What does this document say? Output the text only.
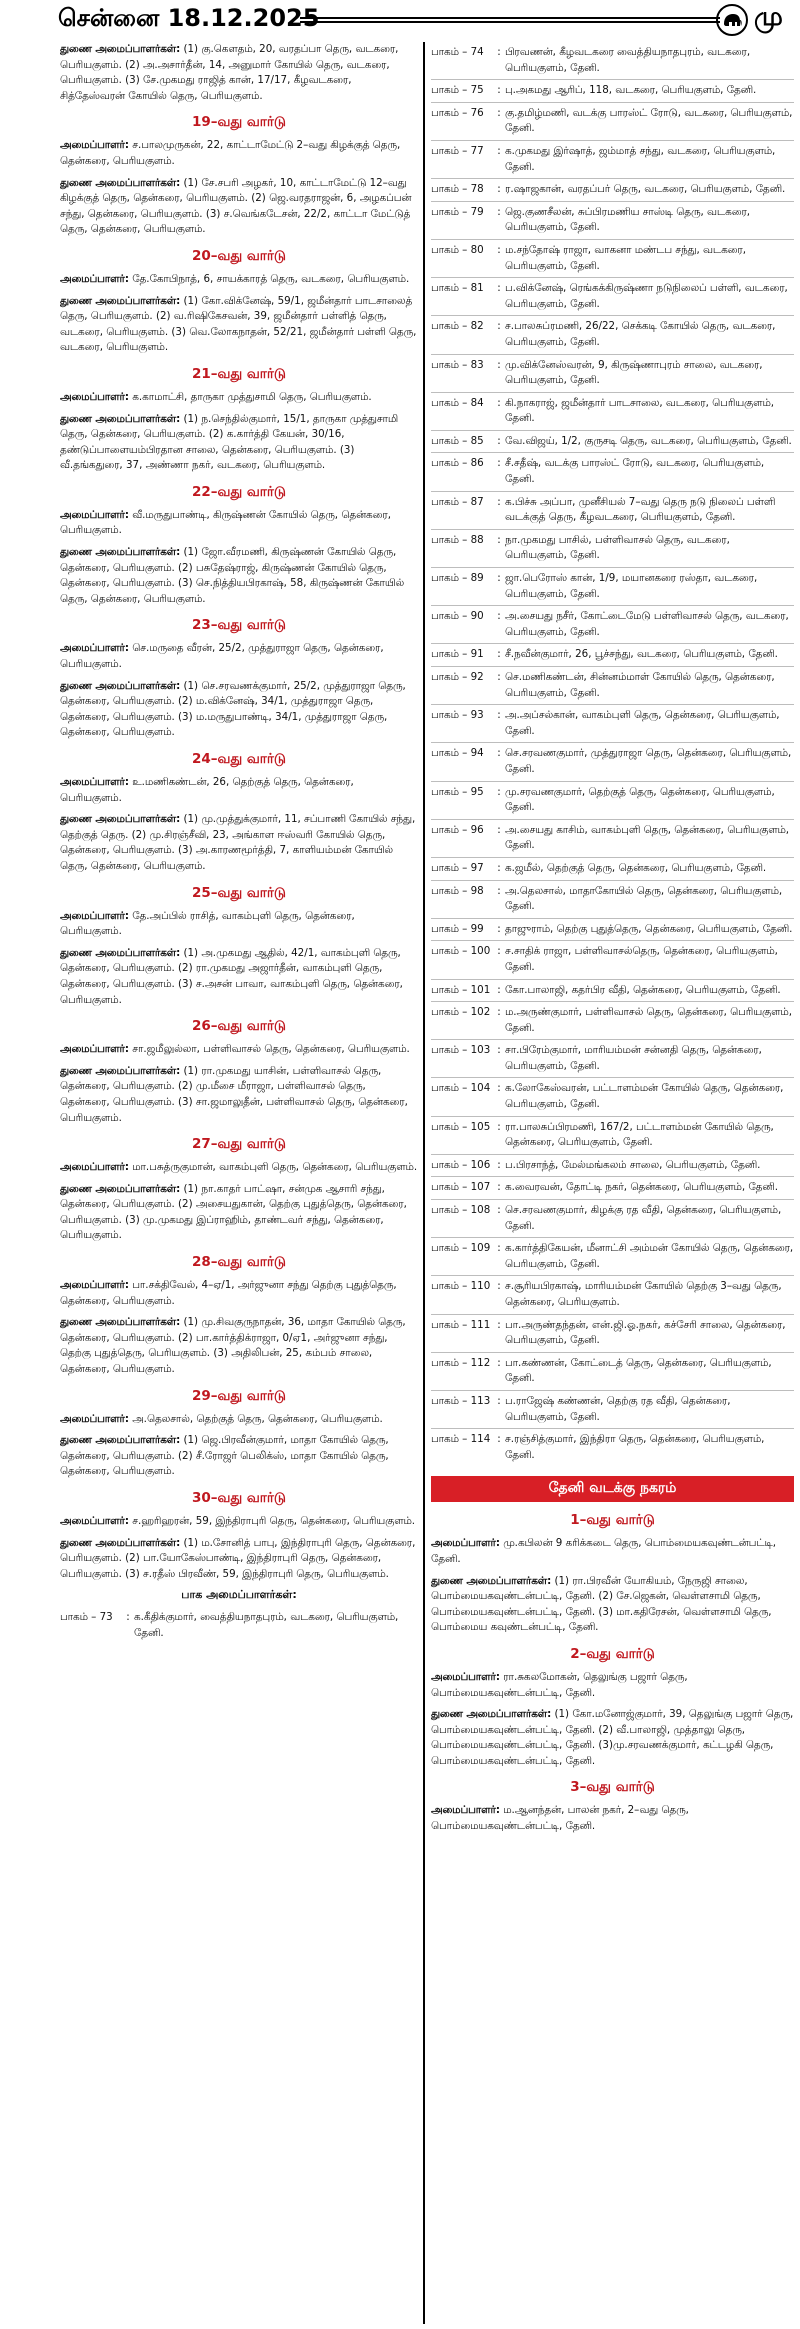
சென்னை 18.12.2025	மு
துணை அமைப்பாளர்கள்: (1) கு.கௌதம், 20, வரதப்பா தெரு, வடகரை, பெரியகுளம். (2) அ.அசார்தீன், 14, அனுமார் கோயில் தெரு, வடகரை, பெரியகுளம். (3) சே.முகமது ராஜித் கான், 17/17, கீழவடகரை, சித்தேஸ்வரன் கோயில் தெரு, பெரியகுளம்.
19–வது வார்டு
அமைப்பாளர்: ச.பாலமுருகன், 22, காட்டாமேட்டு 2–வது கிழக்குத் தெரு, தென்கரை, பெரியகுளம்.
துணை அமைப்பாளர்கள்: (1) சே.சபரி அழகர், 10, காட்டாமேட்டு 12–வது கிழக்குத் தெரு, தென்கரை, பெரியகுளம். (2) ஜெ.வரதராஜன், 6, அழகப்பன் சந்து, தென்கரை, பெரியகுளம். (3) ச.வெங்கடேசன், 22/2, காட்டா மேட்டுத் தெரு, தென்கரை, பெரியகுளம்.
20–வது வார்டு
அமைப்பாளர்: தே.கோபிநாத், 6, சாயக்காரத் தெரு, வடகரை, பெரியகுளம்.
துணை அமைப்பாளர்கள்: (1) கோ.விக்னேஷ், 59/1, ஜமீன்தார் பாடசாலைத் தெரு, பெரியகுளம். (2) வ.ரிஷிகேசவன், 39, ஜமீன்தார் பள்ளித் தெரு, வடகரை, பெரியகுளம். (3) வெ.லோகநாதன், 52/21, ஜமீன்தார் பள்ளி தெரு, வடகரை, பெரியகுளம்.
21–வது வார்டு
அமைப்பாளர்: க.காமாட்சி, தாருகா முத்துசாமி தெரு, பெரியகுளம்.
துணை அமைப்பாளர்கள்: (1) ந.செந்தில்குமார், 15/1, தாருகா முத்துசாமி தெரு, தென்கரை, பெரியகுளம். (2) க.கார்த்தி கேயன், 30/16, தண்டுப்பாளையம்பிரதான சாலை, தென்கரை, பெரியகுளம். (3) வீ.தங்கதுரை, 37, அண்ணா நகர், வடகரை, பெரியகுளம்.
22–வது வார்டு
அமைப்பாளர்: வீ.மருதுபாண்டி, கிருஷ்ணன் கோயில் தெரு, தென்கரை, பெரியகுளம்.
துணை அமைப்பாளர்கள்: (1) ஜோ.வீரமணி, கிருஷ்ணன் கோயில் தெரு, தென்கரை, பெரியகுளம். (2) பசுதேஷ்ராஜ், கிருஷ்ணன் கோயில் தெரு, தென்கரை, பெரியகுளம். (3) செ.நித்தியபிரகாஷ், 58, கிருஷ்ணன் கோயில் தெரு, தென்கரை, பெரியகுளம்.
23–வது வார்டு
அமைப்பாளர்: செ.மருதை வீரன், 25/2, முத்துராஜா தெரு, தென்கரை, பெரியகுளம்.
துணை அமைப்பாளர்கள்: (1) செ.சரவணக்குமார், 25/2, முத்துராஜா தெரு, தென்கரை, பெரியகுளம். (2) ம.விக்னேஷ், 34/1, முத்துராஜா தெரு, தென்கரை, பெரியகுளம். (3) ம.மருதுபாண்டி, 34/1, முத்துராஜா தெரு, தென்கரை, பெரியகுளம்.
24–வது வார்டு
அமைப்பாளர்: உ.மணிகண்டன், 26, தெற்குத் தெரு, தென்கரை, பெரியகுளம்.
துணை அமைப்பாளர்கள்: (1) மு.முத்துக்குமார், 11, சப்பாணி கோயில் சந்து, தெற்குத் தெரு. (2) மு.சிரஞ்சீவி, 23, அங்காள ஈஸ்வரி கோயில் தெரு, தென்கரை, பெரியகுளம். (3) அ.காரணமூர்த்தி, 7, காளியம்மன் கோயில் தெரு, தென்கரை, பெரியகுளம்.
25–வது வார்டு
அமைப்பாளர்: தே.அப்பில் ராசித், வாகம்புளி தெரு, தென்கரை, பெரியகுளம்.
துணை அமைப்பாளர்கள்: (1) அ.முகமது ஆதில், 42/1, வாகம்புளி தெரு, தென்கரை, பெரியகுளம். (2) ரா.முகமது அஜார்தீன், வாகம்புளி தெரு, தென்கரை, பெரியகுளம். (3) ச.அசன் பாவா, வாகம்புளி தெரு, தென்கரை, பெரியகுளம்.
26–வது வார்டு
அமைப்பாளர்: சா.ஜமீலுல்லா, பள்ளிவாசல் தெரு, தென்கரை, பெரியகுளம்.
துணை அமைப்பாளர்கள்: (1) ரா.முகமது யாசின், பள்ளிவாசல் தெரு, தென்கரை, பெரியகுளம். (2) மு.மீசை மீராஜா, பள்ளிவாசல் தெரு, தென்கரை, பெரியகுளம். (3) சா.ஜமாலுதீன், பள்ளிவாசல் தெரு, தென்கரை, பெரியகுளம்.
27–வது வார்டு
அமைப்பாளர்: மா.பசுத்ருகுமான், வாகம்புளி தெரு, தென்கரை, பெரியகுளம்.
துணை அமைப்பாளர்கள்: (1) நா.காதர் பாட்ஷா, சன்முக ஆசாரி சந்து, தென்கரை, பெரியகுளம். (2) அசையதுகான், தெற்கு புதுத்தெரு, தென்கரை, பெரியகுளம். (3) மு.முகமது இப்ராஹிம், தாண்டவர் சந்து, தென்கரை, பெரியகுளம்.
28–வது வார்டு
அமைப்பாளர்: பா.சக்திவேல், 4–ஏ/1, அர்ஜுனா சந்து தெற்கு புதுத்தெரு, தென்கரை, பெரியகுளம்.
துணை அமைப்பாளர்கள்: (1) மு.சிவகுருநாதன், 36, மாதா கோயில் தெரு, தென்கரை, பெரியகுளம். (2) பா.கார்த்திக்ராஜா, 0/ஏ1, அர்ஜுனா சந்து, தெற்கு புதுத்தெரு, பெரியகுளம். (3) அதிலிபன், 25, கம்பம் சாலை, தென்கரை, பெரியகுளம்.
29–வது வார்டு
அமைப்பாளர்: அ.தெலசால், தெற்குத் தெரு, தென்கரை, பெரியகுளம்.
துணை அமைப்பாளர்கள்: (1) ஜெ.பிரவீன்குமார், மாதா கோயில் தெரு, தென்கரை, பெரியகுளம். (2) சீ.ரோஜர் பெலிக்ஸ், மாதா கோயில் தெரு, தென்கரை, பெரியகுளம்.
30–வது வார்டு
அமைப்பாளர்: ச.ஹரிஹரன், 59, இந்திராபுரி தெரு, தென்கரை, பெரியகுளம்.
துணை அமைப்பாளர்கள்: (1) ம.சோனித் பாபு, இந்திராபுரி தெரு, தென்கரை, பெரியகுளம். (2) பா.யோகேஸ்பாண்டி, இந்திராபுரி தெரு, தென்கரை, பெரியகுளம். (3) ச.ரதீஸ் பிரவீண், 59, இந்திராபுரி தெரு, பெரியகுளம்.
பாக அமைப்பாளர்கள்:
பாகம் – 73	: க.கீதிக்குமார், வைத்தியநாதபுரம், வடகரை, பெரியகுளம், தேனி.
பாகம் – 74	: பிரவணன், கீழவடகரை வைத்தியநாதபுரம், வடகரை, பெரியகுளம், தேனி.
பாகம் – 75	: பு.அகமது ஆரிப், 118, வடகரை, பெரியகுளம், தேனி.
பாகம் – 76	: கு.தமிழ்மணி, வடக்கு பாரஸ்ட் ரோடு, வடகரை, பெரியகுளம், தேனி.
பாகம் – 77	: க.முகமது இர்ஷாத், ஜம்மாத் சந்து, வடகரை, பெரியகுளம், தேனி.
பாகம் – 78	: ர.ஷாஜகான், வரதப்பர் தெரு, வடகரை, பெரியகுளம், தேனி.
பாகம் – 79	: ஜெ.குணசீலன், சுப்பிரமணிய சாஸ்டி தெரு, வடகரை, பெரியகுளம், தேனி.
பாகம் – 80	: ம.சந்தோஷ் ராஜா, வாகனா மண்டப சந்து, வடகரை, பெரியகுளம், தேனி.
பாகம் – 81	: ப.விக்னேஷ், ரெங்கக்கிருஷ்ணா நடுநிலைப் பள்ளி, வடகரை, பெரியகுளம், தேனி.
பாகம் – 82	: ச.பாலசுப்ரமணி, 26/22, செக்கடி கோயில் தெரு, வடகரை, பெரியகுளம், தேனி.
பாகம் – 83	: மு.விக்னேஸ்வரன், 9, கிருஷ்ணாபுரம் சாலை, வடகரை, பெரியகுளம், தேனி.
பாகம் – 84	: கி.நாகராஜ், ஜமீன்தார் பாடசாலை, வடகரை, பெரியகுளம், தேனி.
பாகம் – 85	: வே.விஜய், 1/2, குருசடி தெரு, வடகரை, பெரியகுளம், தேனி.
பாகம் – 86	: சீ.சதீஷ், வடக்கு பாரஸ்ட் ரோடு, வடகரை, பெரியகுளம், தேனி.
பாகம் – 87	: க.பிச்சு அப்பா, முனீசியல் 7–வது தெரு நடு நிலைப் பள்ளி வடக்குத் தெரு, கீழவடகரை, பெரியகுளம், தேனி.
பாகம் – 88	: நா.முகமது பாசில், பள்ளிவாசல் தெரு, வடகரை, பெரியகுளம், தேனி.
பாகம் – 89	: ஜா.பெரோஸ் கான், 1/9, மயானகரை ரஸ்தா, வடகரை, பெரியகுளம், தேனி.
பாகம் – 90	: அ.சையது நசீர், கோட்டைமேடு பள்ளிவாசல் தெரு, வடகரை, பெரியகுளம், தேனி.
பாகம் – 91	: சீ.நவீன்குமார், 26, பூச்சந்து, வடகரை, பெரியகுளம், தேனி.
பாகம் – 92	: செ.மணிகண்டன், சின்னம்மாள் கோயில் தெரு, தென்கரை, பெரியகுளம், தேனி.
பாகம் – 93	: அ.அப்சல்கான், வாகம்புளி தெரு, தென்கரை, பெரியகுளம், தேனி.
பாகம் – 94	: செ.சரவணகுமார், முத்துராஜா தெரு, தென்கரை, பெரியகுளம், தேனி.
பாகம் – 95	: மு.சரவணகுமார், தெற்குத் தெரு, தென்கரை, பெரியகுளம், தேனி.
பாகம் – 96	: அ.சையது காசிம், வாகம்புளி தெரு, தென்கரை, பெரியகுளம், தேனி.
பாகம் – 97	: க.ஜமீல், தெற்குத் தெரு, தென்கரை, பெரியகுளம், தேனி.
பாகம் – 98	: அ.தெலசால், மாதாகோயில் தெரு, தென்கரை, பெரியகுளம், தேனி.
பாகம் – 99	: தாஜுராம், தெற்கு புதுத்தெரு, தென்கரை, பெரியகுளம், தேனி.
பாகம் – 100 : ச.சாதிக் ராஜா, பள்ளிவாசல்தெரு, தென்கரை, பெரியகுளம், தேனி.
பாகம் – 101 : கோ.பாலாஜி, கதர்பிர வீதி, தென்கரை, பெரியகுளம், தேனி.
பாகம் – 102 : ம.அருண்குமார், பள்ளிவாசல் தெரு, தென்கரை, பெரியகுளம், தேனி.
பாகம் – 103 : சா.பிரேம்குமார், மாரியம்மன் சன்னதி தெரு, தென்கரை, பெரியகுளம், தேனி.
பாகம் – 104 : க.லோகேஸ்வரன், பட்டாளம்மன் கோயில் தெரு, தென்கரை, பெரியகுளம், தேனி.
பாகம் – 105 : ரா.பாலசுப்பிரமணி, 167/2, பட்டாளம்மன் கோயில் தெரு, தென்கரை, பெரியகுளம், தேனி.
பாகம் – 106 : ப.பிரசாந்த், மேல்மங்கலம் சாலை, பெரியகுளம், தேனி.
பாகம் – 107 : க.வைரவன், தோட்டி நகர், தென்கரை, பெரியகுளம், தேனி.
பாகம் – 108 : செ.சரவணகுமார், கிழக்கு ரத வீதி, தென்கரை, பெரியகுளம், தேனி.
பாகம் – 109 : க.கார்த்திகேயன், மீனாட்சி அம்மன் கோயில் தெரு, தென்கரை, பெரியகுளம், தேனி.
பாகம் – 110 : ச.சூரியபிரகாஷ், மாரியம்மன் கோயில் தெற்கு 3–வது தெரு, தென்கரை, பெரியகுளம்.
பாகம் – 111 : பா.அருண்தந்தன், என்.ஜி.ஓ.நகர், கச்சேரி சாலை, தென்கரை, பெரியகுளம், தேனி.
பாகம் – 112 : பா.கண்ணன், கோட்டைத் தெரு, தென்கரை, பெரியகுளம், தேனி.
பாகம் – 113 : ப.ராஜேஷ் கண்ணன், தெற்கு ரத வீதி, தென்கரை, பெரியகுளம், தேனி.
பாகம் – 114 : ச.ரஞ்சித்குமார், இந்திரா தெரு, தென்கரை, பெரியகுளம், தேனி.
தேனி வடக்கு நகரம்
1–வது வார்டு
அமைப்பாளர்: மு.கபிலன் 9 கரிக்கடை தெரு, பொம்மையகவுண்டன்பட்டி, தேனி.
துணை அமைப்பாளர்கள்: (1) ரா.பிரவீன் யோகியம், நேருஜி சாலை, பொம்மையகவுண்டன்பட்டி, தேனி. (2) சே.ஜெகன், வெள்ளசாமி தெரு, பொம்மையகவுண்டன்பட்டி, தேனி. (3) மா.கதிரேசன், வெள்ளசாமி தெரு, பொம்மைய கவுண்டன்பட்டி, தேனி.
2–வது வார்டு
அமைப்பாளர்: ரா.சுகலமோகன், தெலுங்கு பஜார் தெரு, பொம்மையகவுண்டன்பட்டி, தேனி.
துணை அமைப்பாளர்கள்: (1) கோ.மனோஜ்குமார், 39, தெலுங்கு பஜார் தெரு, பொம்மையகவுண்டன்பட்டி, தேனி. (2) வீ.பாலாஜி, முத்தாலு தெரு, பொம்மையகவுண்டன்பட்டி, தேனி. (3)மு.சரவணக்குமார், கட்டழகி தெரு, பொம்மையகவுண்டன்பட்டி, தேனி.
3–வது வார்டு
அமைப்பாளர்: ம.ஆனந்தன், பாலன் நகர், 2–வது தெரு, பொம்மையகவுண்டன்பட்டி, தேனி.
